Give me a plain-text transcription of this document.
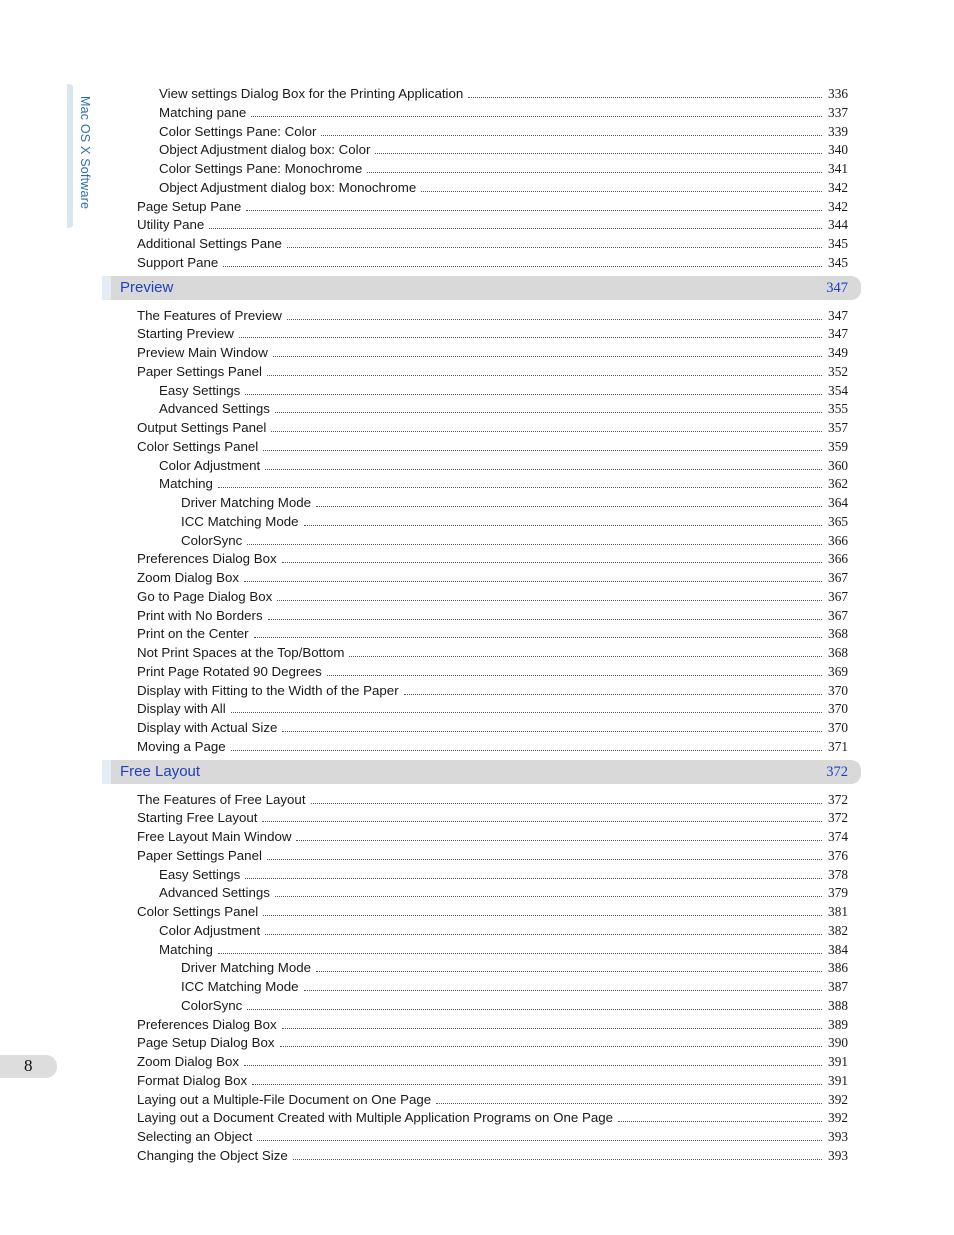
Mac OS X Software
View settings Dialog Box for the Printing Application	336
Matching pane	337
Color Settings Pane: Color	339
Object Adjustment dialog box: Color	340
Color Settings Pane: Monochrome	341
Object Adjustment dialog box: Monochrome	342
Page Setup Pane	342
Utility Pane	344
Additional Settings Pane	345
Support Pane	345
Preview	347
The Features of Preview	347
Starting Preview	347
Preview Main Window	349
Paper Settings Panel	352
Easy Settings	354
Advanced Settings	355
Output Settings Panel	357
Color Settings Panel	359
Color Adjustment	360
Matching	362
Driver Matching Mode	364
ICC Matching Mode	365
ColorSync	366
Preferences Dialog Box	366
Zoom Dialog Box	367
Go to Page Dialog Box	367
Print with No Borders	367
Print on the Center	368
Not Print Spaces at the Top/Bottom	368
Print Page Rotated 90 Degrees	369
Display with Fitting to the Width of the Paper	370
Display with All	370
Display with Actual Size	370
Moving a Page	371
Free Layout	372
The Features of Free Layout	372
Starting Free Layout	372
Free Layout Main Window	374
Paper Settings Panel	376
Easy Settings	378
Advanced Settings	379
Color Settings Panel	381
Color Adjustment	382
Matching	384
Driver Matching Mode	386
ICC Matching Mode	387
ColorSync	388
Preferences Dialog Box	389
Page Setup Dialog Box	390
Zoom Dialog Box	391
Format Dialog Box	391
Laying out a Multiple-File Document on One Page	392
Laying out a Document Created with Multiple Application Programs on One Page	392
Selecting an Object	393
Changing the Object Size	393
8
